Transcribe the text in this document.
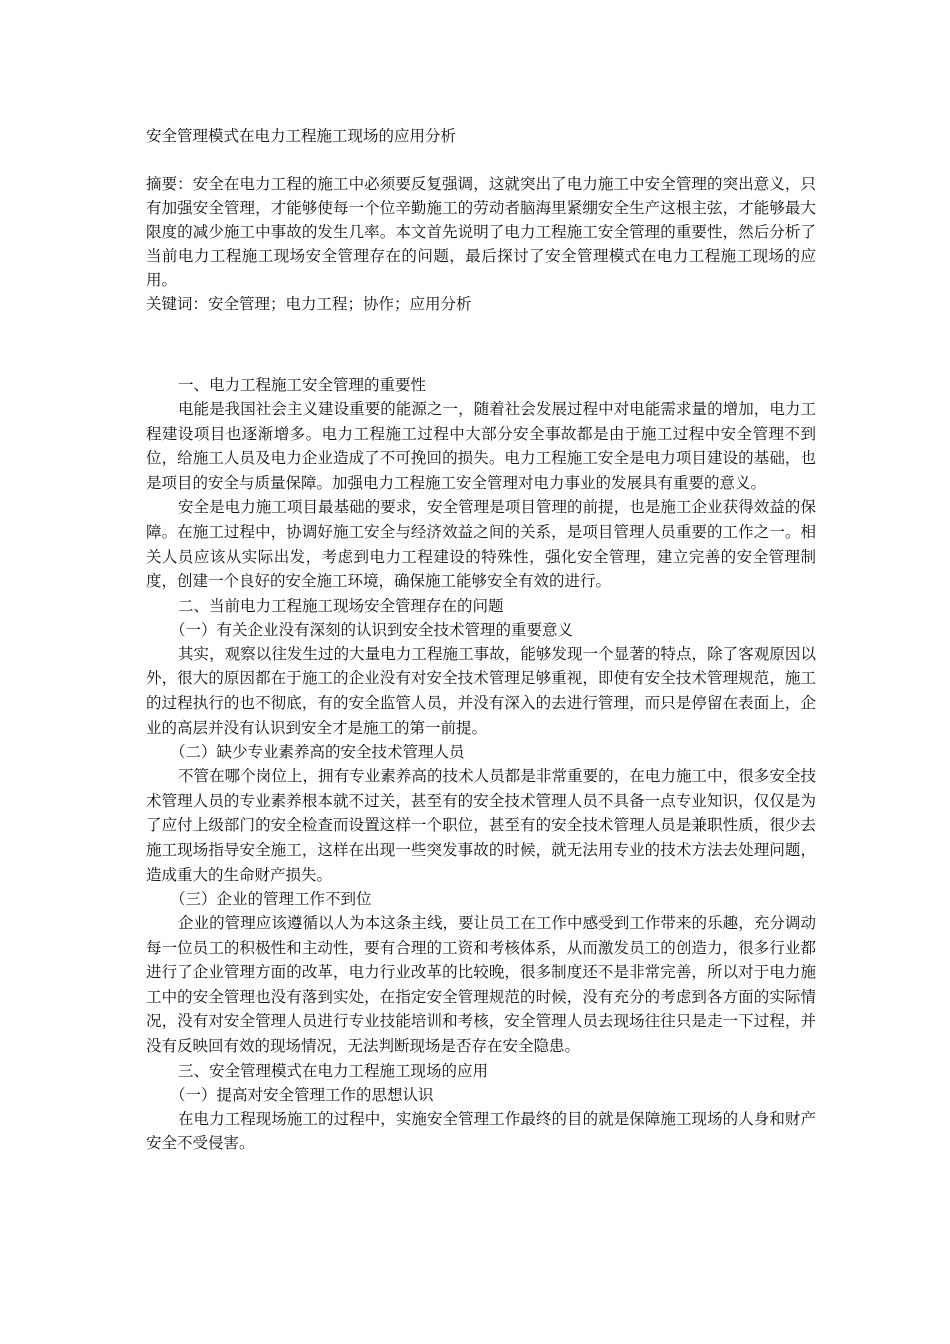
安全管理模式在电力工程施工现场的应用分析
摘要：安全在电力工程的施工中必须要反复强调，这就突出了电力施工中安全管理的突出意义，只有加强安全管理，才能够使每一个位辛勤施工的劳动者脑海里紧绷安全生产这根主弦，才能够最大限度的减少施工中事故的发生几率。本文首先说明了电力工程施工安全管理的重要性，然后分析了当前电力工程施工现场安全管理存在的问题，最后探讨了安全管理模式在电力工程施工现场的应用。
关键词：安全管理；电力工程；协作；应用分析
一、电力工程施工安全管理的重要性

电能是我国社会主义建设重要的能源之一，随着社会发展过程中对电能需求量的增加，电力工程建设项目也逐渐增多。电力工程施工过程中大部分安全事故都是由于施工过程中安全管理不到位，给施工人员及电力企业造成了不可挽回的损失。电力工程施工安全是电力项目建设的基础，也是项目的安全与质量保障。加强电力工程施工安全管理对电力事业的发展具有重要的意义。

安全是电力施工项目最基础的要求，安全管理是项目管理的前提，也是施工企业获得效益的保障。在施工过程中，协调好施工安全与经济效益之间的关系，是项目管理人员重要的工作之一。相关人员应该从实际出发，考虑到电力工程建设的特殊性，强化安全管理，建立完善的安全管理制度，创建一个良好的安全施工环境，确保施工能够安全有效的进行。

二、当前电力工程施工现场安全管理存在的问题
（一）有关企业没有深刻的认识到安全技术管理的重要意义

其实，观察以往发生过的大量电力工程施工事故，能够发现一个显著的特点，除了客观原因以外，很大的原因都在于施工的企业没有对安全技术管理足够重视，即使有安全技术管理规范，施工的过程执行的也不彻底，有的安全监管人员，并没有深入的去进行管理，而只是停留在表面上，企业的高层并没有认识到安全才是施工的第一前提。

（二）缺少专业素养高的安全技术管理人员

不管在哪个岗位上，拥有专业素养高的技术人员都是非常重要的，在电力施工中，很多安全技术管理人员的专业素养根本就不过关，甚至有的安全技术管理人员不具备一点专业知识，仅仅是为了应付上级部门的安全检查而设置这样一个职位，甚至有的安全技术管理人员是兼职性质，很少去施工现场指导安全施工，这样在出现一些突发事故的时候，就无法用专业的技术方法去处理问题，造成重大的生命财产损失。

（三）企业的管理工作不到位

企业的管理应该遵循以人为本这条主线，要让员工在工作中感受到工作带来的乐趣，充分调动每一位员工的积极性和主动性，要有合理的工资和考核体系，从而激发员工的创造力，很多行业都进行了企业管理方面的改革，电力行业改革的比较晚，很多制度还不是非常完善，所以对于电力施工中的安全管理也没有落到实处，在指定安全管理规范的时候，没有充分的考虑到各方面的实际情况，没有对安全管理人员进行专业技能培训和考核，安全管理人员去现场往往只是走一下过程，并没有反映回有效的现场情况，无法判断现场是否存在安全隐患。

三、安全管理模式在电力工程施工现场的应用
（一）提高对安全管理工作的思想认识

在电力工程现场施工的过程中，实施安全管理工作最终的目的就是保障施工现场的人身和财产安全不受侵害。
